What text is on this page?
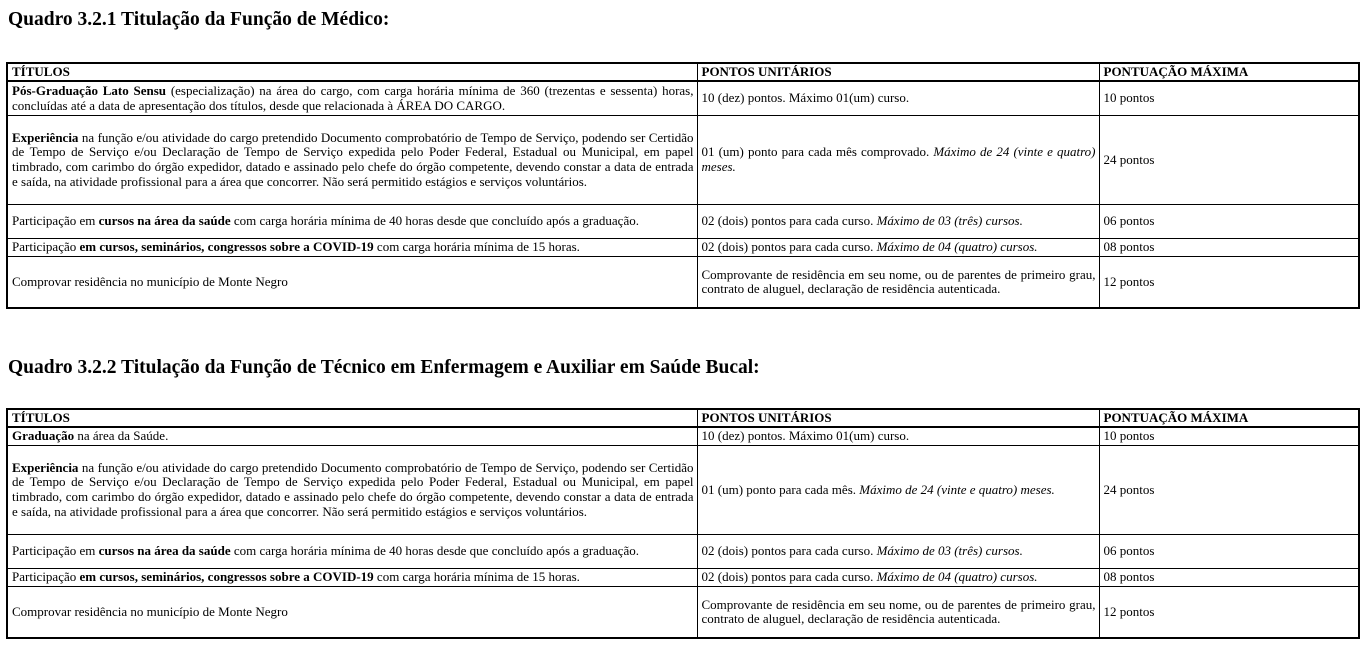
Quadro 3.2.1 Titulação da Função de Médico:
TÍTULOS	PONTOS UNITÁRIOS	PONTUAÇÃO MÁXIMA
Pós-Graduação Lato Sensu (especialização) na área do cargo, com carga horária mínima de 360 (trezentas e sessenta) horas, concluídas até a data de apresentação dos títulos, desde que relacionada à ÁREA DO CARGO.	10 (dez) pontos. Máximo 01(um) curso.	10 pontos
Experiência na função e/ou atividade do cargo pretendido Documento comprobatório de Tempo de Serviço, podendo ser Certidão de Tempo de Serviço e/ou Declaração de Tempo de Serviço expedida pelo Poder Federal, Estadual ou Municipal, em papel timbrado, com carimbo do órgão expedidor, datado e assinado pelo chefe do órgão competente, devendo constar a data de entrada e saída, na atividade profissional para a área que concorrer. Não será permitido estágios e serviços voluntários.	01 (um) ponto para cada mês comprovado. Máximo de 24 (vinte e quatro) meses.	24 pontos
Participação em cursos na área da saúde com carga horária mínima de 40 horas desde que concluído após a graduação.	02 (dois) pontos para cada curso. Máximo de 03 (três) cursos.	06 pontos
Participação em cursos, seminários, congressos sobre a COVID-19 com carga horária mínima de 15 horas.	02 (dois) pontos para cada curso. Máximo de 04 (quatro) cursos.	08 pontos
Comprovar residência no município de Monte Negro	Comprovante de residência em seu nome, ou de parentes de primeiro grau, contrato de aluguel, declaração de residência autenticada.	12 pontos
Quadro 3.2.2 Titulação da Função de Técnico em Enfermagem e Auxiliar em Saúde Bucal:
TÍTULOS	PONTOS UNITÁRIOS	PONTUAÇÃO MÁXIMA
Graduação na área da Saúde.	10 (dez) pontos. Máximo 01(um) curso.	10 pontos
Experiência na função e/ou atividade do cargo pretendido Documento comprobatório de Tempo de Serviço, podendo ser Certidão de Tempo de Serviço e/ou Declaração de Tempo de Serviço expedida pelo Poder Federal, Estadual ou Municipal, em papel timbrado, com carimbo do órgão expedidor, datado e assinado pelo chefe do órgão competente, devendo constar a data de entrada e saída, na atividade profissional para a área que concorrer. Não será permitido estágios e serviços voluntários.	01 (um) ponto para cada mês. Máximo de 24 (vinte e quatro) meses.	24 pontos
Participação em cursos na área da saúde com carga horária mínima de 40 horas desde que concluído após a graduação.	02 (dois) pontos para cada curso. Máximo de 03 (três) cursos.	06 pontos
Participação em cursos, seminários, congressos sobre a COVID-19 com carga horária mínima de 15 horas.	02 (dois) pontos para cada curso. Máximo de 04 (quatro) cursos.	08 pontos
Comprovar residência no município de Monte Negro	Comprovante de residência em seu nome, ou de parentes de primeiro grau, contrato de aluguel, declaração de residência autenticada.	12 pontos
